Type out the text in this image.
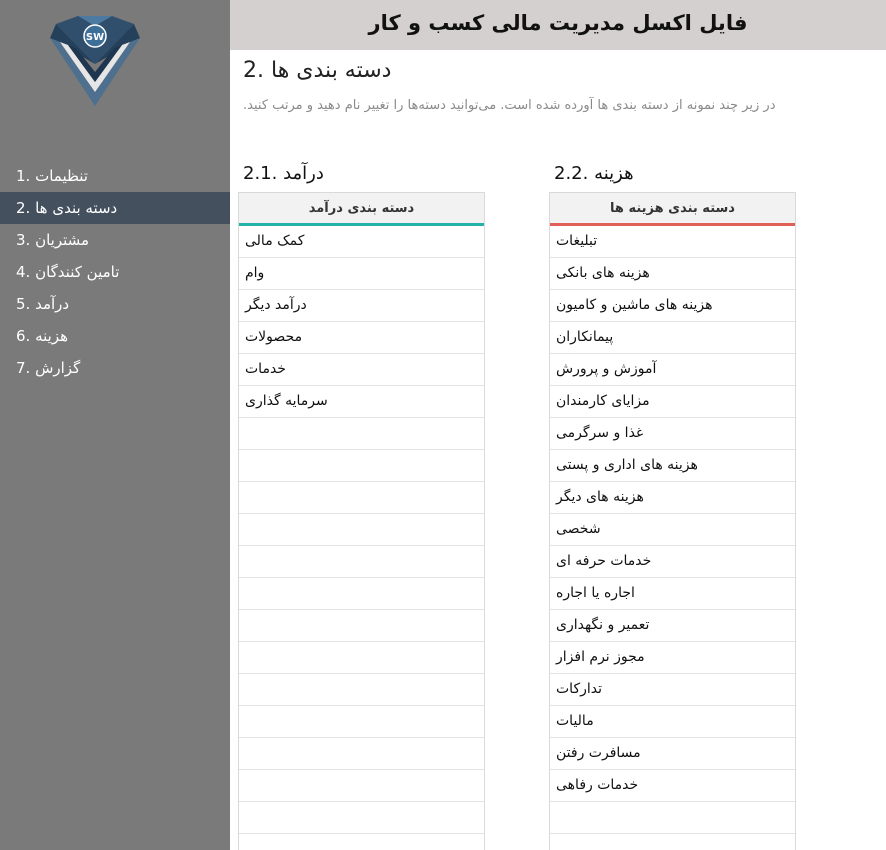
SW
تنظیمات .1
دسته بندی ها .2
مشتریان .3
تامین کنندگان .4
درآمد .5
هزینه .6
گزارش .7
فایل اکسل مدیریت مالی کسب و کار
دسته بندی ها .2
در زیر چند نمونه از دسته بندی ها آورده شده است. می‌توانید دسته‌ها را تغییر نام دهید و مرتب کنید.
درآمد .2.1	هزینه .2.2
دسته بندی درآمد
کمک مالی
وام
درآمد دیگر
محصولات
خدمات
سرمایه گذاری
دسته بندی هزینه ها
تبلیغات
هزینه های بانکی
هزینه های ماشین و کامیون
پیمانکاران
آموزش و پرورش
مزایای کارمندان
غذا و سرگرمی
هزینه های اداری و پستی
هزینه های دیگر
شخصی
خدمات حرفه ای
اجاره یا اجاره
تعمیر و نگهداری
مجوز نرم افزار
تدارکات
مالیات
مسافرت رفتن
خدمات رفاهی
